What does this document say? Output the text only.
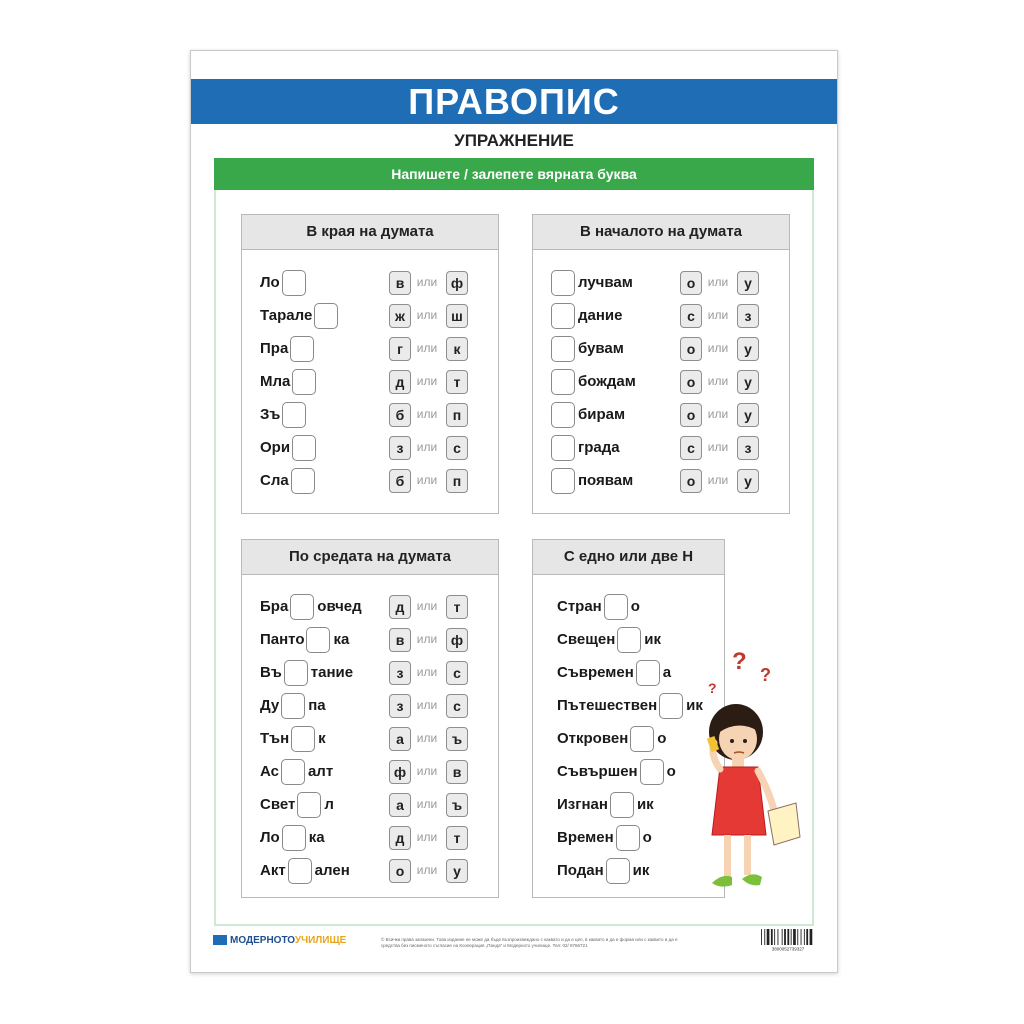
ПРАВОПИС
УПРАЖНЕНИЕ
Напишете / залепете вярната буква
В края на думата
Ло	в	или ф
Тарале	ж или ш
Пра	г	или	к
Мла	д	или	т
Зъ	б	или	п
Ори	з	или	с
Сла	б	или	п
В началото на думата
лучвам	о	или	у
дание	с	или	з
бувам	о	или	у
бождам	о	или	у
бирам	о	или	у
града	с	или	з
появам	о	или	у
По средата на думата
Бра овчед	д	или	т
Панто ка	в	или ф
Въ тание	з	или	с
Ду па	з	или	с
Тън к	а	или	ъ
Ас алт	ф или	в
Свет л	а	или	ъ
Ло ка	д	или	т
Акт ален	о	или	у
С едно или две Н
Стран о
Свещен ик
Съвремен а
Пътешествен ик
Откровен о
Съвършен о
Изгнан ик
Времен о
Подан ик
? ?
?
МОДЕРНОТОУЧИЛИЩЕ	© Всички права запазени. Това издание не може да бъде възпроизвеждано с каквато и да е цел, в каквато и да е форма или с каквито и да е средства без писменото съгласие на Кооперация „Панда" и Модерното училище. Тел: 02/ 9766721
3800052739327
